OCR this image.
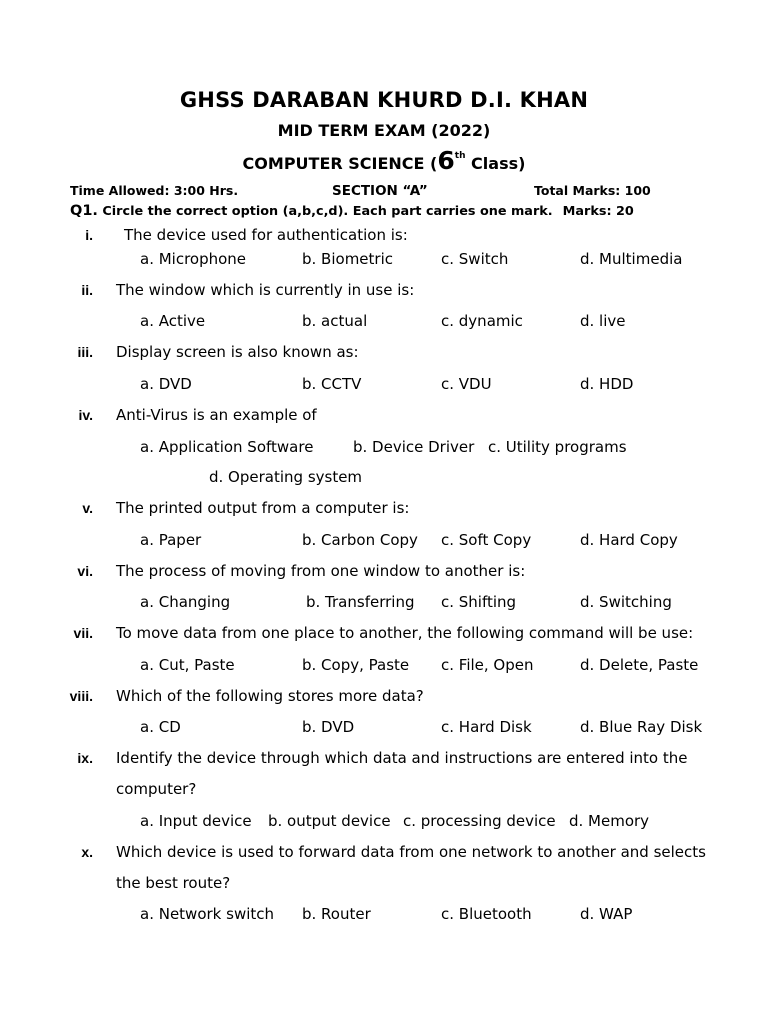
GHSS DARABAN KHURD D.I. KHAN
MID TERM EXAM (2022)
COMPUTER SCIENCE (6th Class)
Time Allowed: 3:00 Hrs.	SECTION “A”	Total Marks: 100
Q1. Circle the correct option (a,b,c,d). Each part carries one mark. Marks: 20
i. The device used for authentication is:
a. Microphone	b. Biometric	c. Switch	d. Multimedia
ii. The window which is currently in use is:
a. Active	b. actual	c. dynamic	d. live
iii. Display screen is also known as:
a. DVD	b. CCTV	c. VDU	d. HDD
iv. Anti-Virus is an example of
a. Application Software	b. Device Driver c. Utility programs
d. Operating system
v. The printed output from a computer is:
a. Paper	b. Carbon Copy c. Soft Copy	d. Hard Copy
vi. The process of moving from one window to another is:
a. Changing	b. Transferring c. Shifting	d. Switching
vii. To move data from one place to another, the following command will be use:
a. Cut, Paste	b. Copy, Paste c. File, Open	d. Delete, Paste
viii. Which of the following stores more data?
a. CD	b. DVD	c. Hard Disk	d. Blue Ray Disk
ix. Identify the device through which data and instructions are entered into the
computer?
a. Input device b. output device c. processing device d. Memory
x. Which device is used to forward data from one network to another and selects
the best route?
a. Network switch b. Router	c. Bluetooth	d. WAP
